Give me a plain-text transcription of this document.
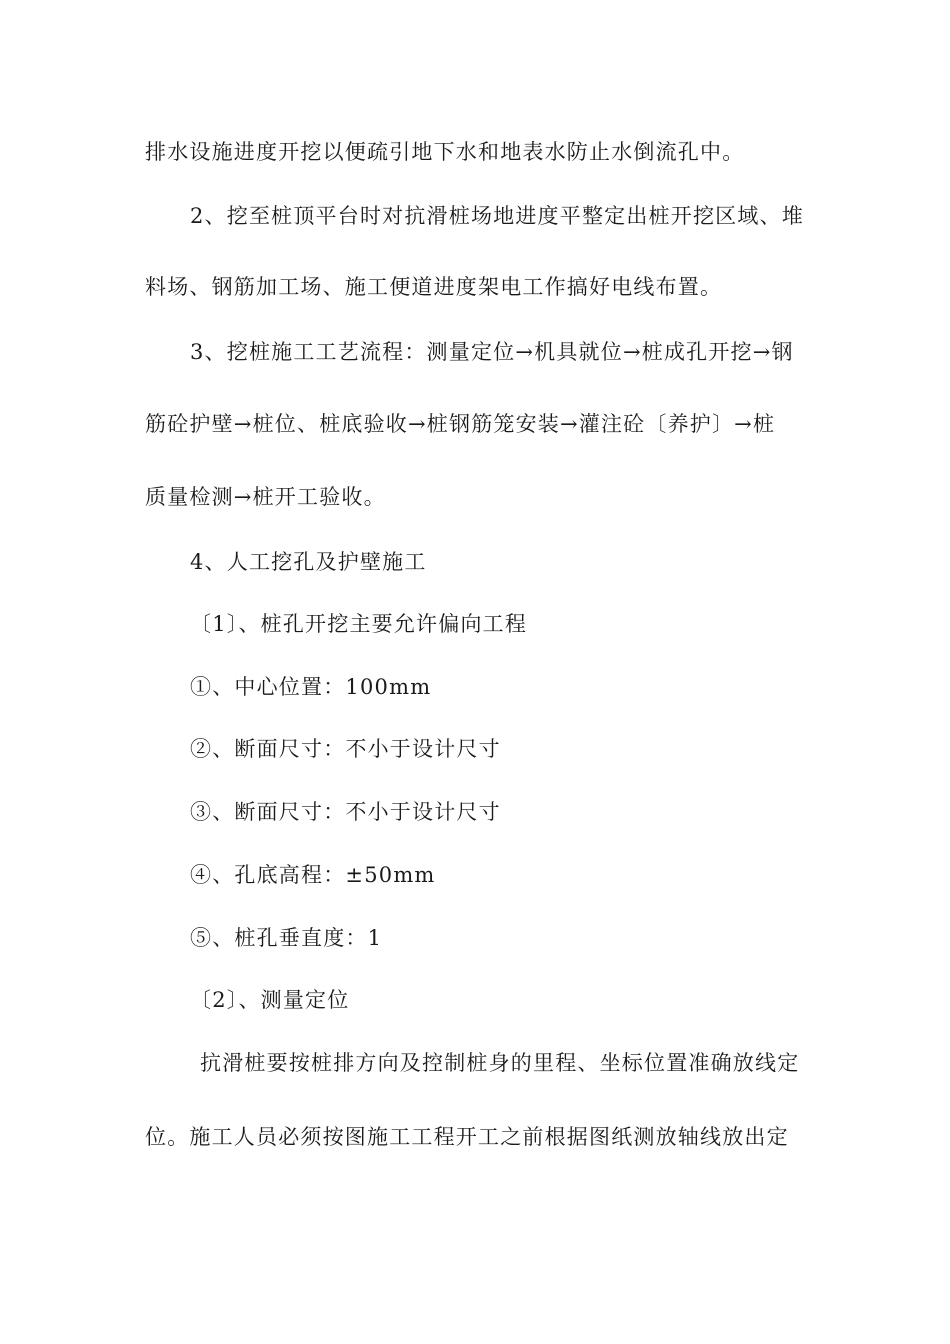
排水设施进度开挖以便疏引地下水和地表水防止水倒流孔中。
2、挖至桩顶平台时对抗滑桩场地进度平整定出桩开挖区域、堆
料场、钢筋加工场、施工便道进度架电工作搞好电线布置。
3、挖桩施工工艺流程：测量定位→机具就位→桩成孔开挖→钢
筋砼护壁→桩位、桩底验收→桩钢筋笼安装→灌注砼〔养护〕→桩
质量检测→桩开工验收。
4、人工挖孔及护壁施工
〔1〕、桩孔开挖主要允许偏向工程
①、中心位置：100mm
②、断面尺寸：不小于设计尺寸
③、断面尺寸：不小于设计尺寸
④、孔底高程：±50mm
⑤、桩孔垂直度：1
〔2〕、测量定位
抗滑桩要按桩排方向及控制桩身的里程、坐标位置准确放线定
位。施工人员必须按图施工工程开工之前根据图纸测放轴线放出定
